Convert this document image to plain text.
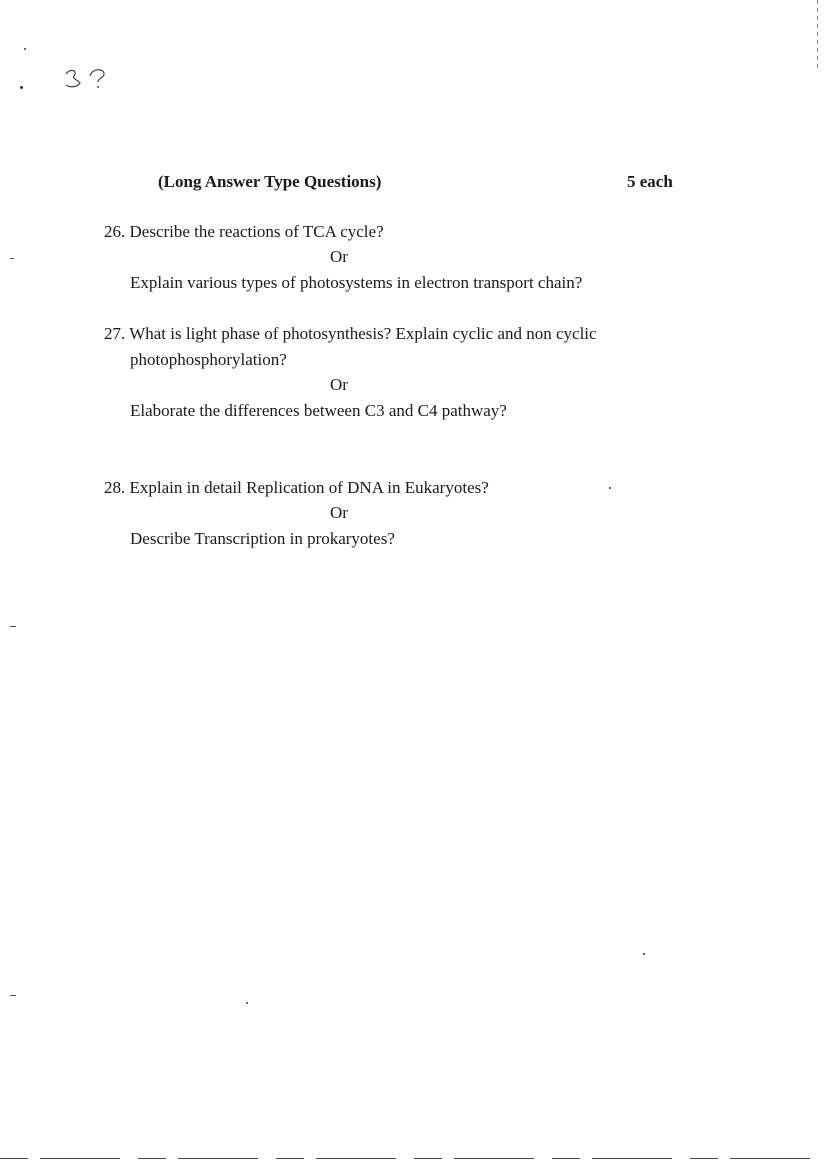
(Long Answer Type Questions)	5 each
26. Describe the reactions of TCA cycle?
Or
Explain various types of photosystems in electron transport chain?
27. What is light phase of photosynthesis? Explain cyclic and non cyclic
photophosphorylation?
Or
Elaborate the differences between C3 and C4 pathway?
28. Explain in detail Replication of DNA in Eukaryotes?
Or
Describe Transcription in prokaryotes?
